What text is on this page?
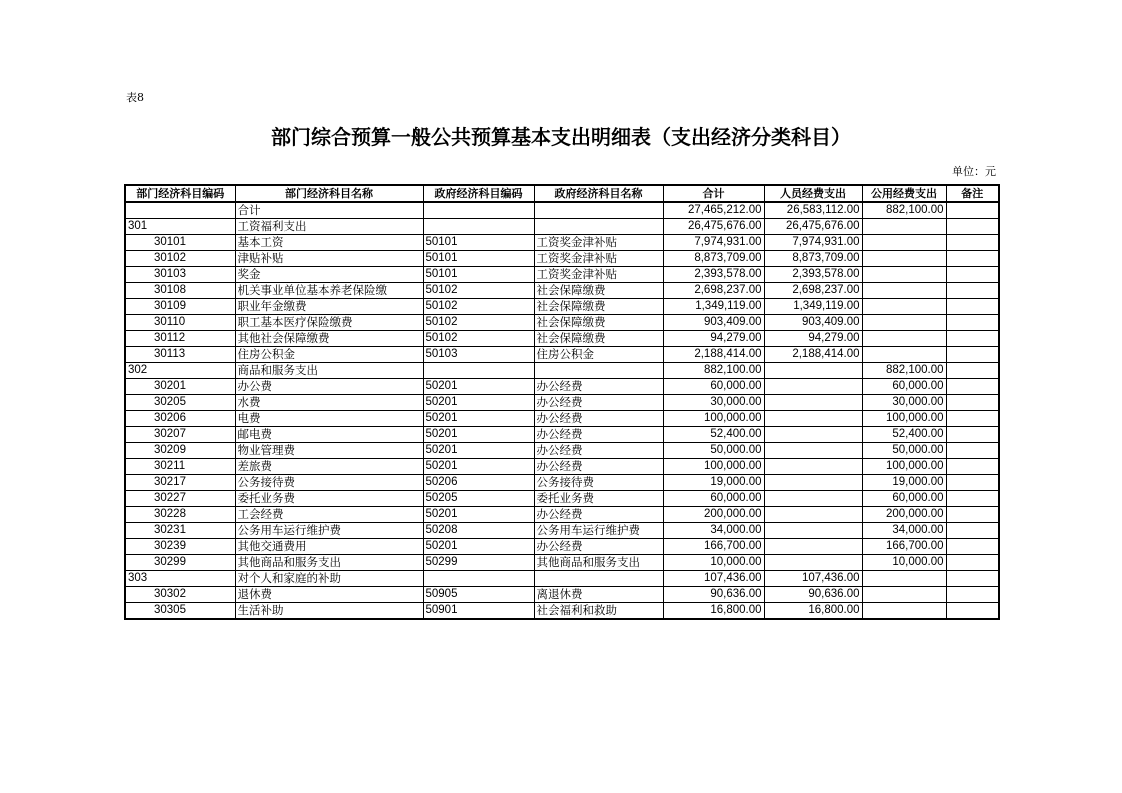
表8
部门综合预算一般公共预算基本支出明细表（支出经济分类科目）
单位：元
部门经济科目编码	部门经济科目名称	政府经济科目编码	政府经济科目名称	合计	人员经费支出	公用经费支出	备注
	合计			27,465,212.00	26,583,112.00	882,100.00	
301	工资福利支出			26,475,676.00	26,475,676.00		
30101	基本工资	50101	工资奖金津补贴	7,974,931.00	7,974,931.00		
30102	津贴补贴	50101	工资奖金津补贴	8,873,709.00	8,873,709.00		
30103	奖金	50101	工资奖金津补贴	2,393,578.00	2,393,578.00		
30108	机关事业单位基本养老保险缴	50102	社会保障缴费	2,698,237.00	2,698,237.00		
30109	职业年金缴费	50102	社会保障缴费	1,349,119.00	1,349,119.00		
30110	职工基本医疗保险缴费	50102	社会保障缴费	903,409.00	903,409.00		
30112	其他社会保障缴费	50102	社会保障缴费	94,279.00	94,279.00		
30113	住房公积金	50103	住房公积金	2,188,414.00	2,188,414.00		
302	商品和服务支出			882,100.00		882,100.00	
30201	办公费	50201	办公经费	60,000.00		60,000.00	
30205	水费	50201	办公经费	30,000.00		30,000.00	
30206	电费	50201	办公经费	100,000.00		100,000.00	
30207	邮电费	50201	办公经费	52,400.00		52,400.00	
30209	物业管理费	50201	办公经费	50,000.00		50,000.00	
30211	差旅费	50201	办公经费	100,000.00		100,000.00	
30217	公务接待费	50206	公务接待费	19,000.00		19,000.00	
30227	委托业务费	50205	委托业务费	60,000.00		60,000.00	
30228	工会经费	50201	办公经费	200,000.00		200,000.00	
30231	公务用车运行维护费	50208	公务用车运行维护费	34,000.00		34,000.00	
30239	其他交通费用	50201	办公经费	166,700.00		166,700.00	
30299	其他商品和服务支出	50299	其他商品和服务支出	10,000.00		10,000.00	
303	对个人和家庭的补助			107,436.00	107,436.00		
30302	退休费	50905	离退休费	90,636.00	90,636.00		
30305	生活补助	50901	社会福利和救助	16,800.00	16,800.00		
